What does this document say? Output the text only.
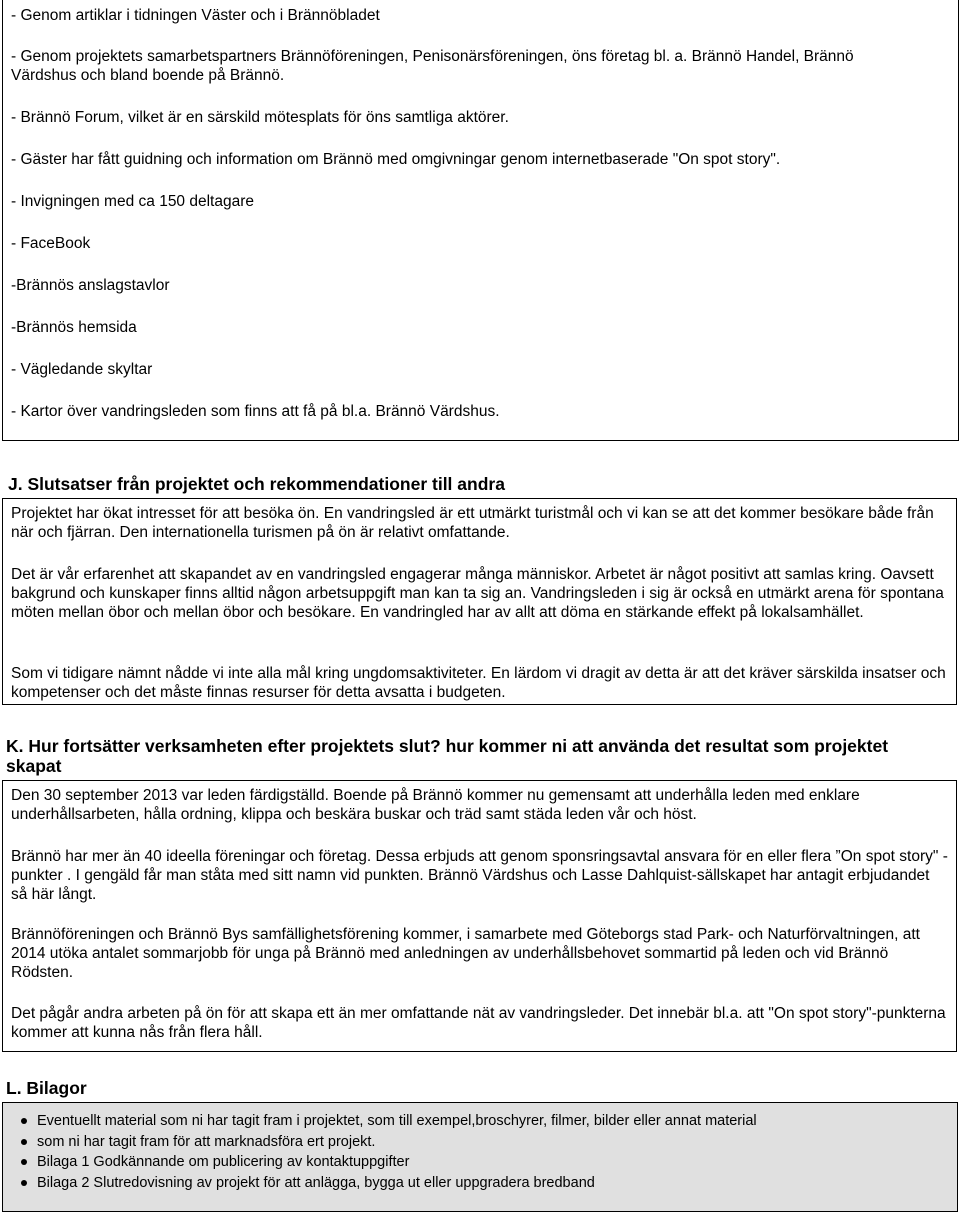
- Genom artiklar i tidningen Väster och i Brännöbladet
- Genom projektets samarbetspartners Brännöföreningen, Penisonärsföreningen, öns företag bl. a. Brännö Handel, Brännö
Värdshus och bland boende på Brännö.
- Brännö Forum, vilket är en särskild mötesplats för öns samtliga aktörer.
- Gäster har fått guidning och information om Brännö med omgivningar genom internetbaserade "On spot story".
- Invigningen med ca 150 deltagare
- FaceBook
-Brännös anslagstavlor
-Brännös hemsida
- Vägledande skyltar
- Kartor över vandringsleden som finns att få på bl.a. Brännö Värdshus.
J. Slutsatser från projektet och rekommendationer till andra
Projektet har ökat intresset för att besöka ön. En vandringsled är ett utmärkt turistmål och vi kan se att det kommer besökare både från när och fjärran. Den internationella turismen på ön är relativt omfattande.
Det är vår erfarenhet att skapandet av en vandringsled engagerar många människor. Arbetet är något positivt att samlas kring. Oavsett bakgrund och kunskaper finns alltid någon arbetsuppgift man kan ta sig an. Vandringsleden i sig är också en utmärkt arena för spontana möten mellan öbor och mellan öbor och besökare. En vandringled har av allt att döma en stärkande effekt på lokalsamhället.
Som vi tidigare nämnt nådde vi inte alla mål kring ungdomsaktiviteter. En lärdom vi dragit av detta är att det kräver särskilda insatser och kompetenser och det måste finnas resurser för detta avsatta i budgeten.
K. Hur fortsätter verksamheten efter projektets slut? hur kommer ni att använda det resultat som projektet skapat
Den 30 september 2013 var leden färdigställd. Boende på Brännö kommer nu gemensamt att underhålla leden med enklare underhållsarbeten, hålla ordning, klippa och beskära buskar och träd samt städa leden vår och höst.
Brännö har mer än 40 ideella föreningar och företag. Dessa erbjuds att genom sponsringsavtal ansvara för en eller flera ”On spot story" - punkter . I gengäld får man ståta med sitt namn vid punkten. Brännö Värdshus och Lasse Dahlquist-sällskapet har antagit erbjudandet så här långt.
Brännöföreningen och Brännö Bys samfällighetsförening kommer, i samarbete med Göteborgs stad Park- och Naturförvaltningen, att 2014 utöka antalet sommarjobb för unga på Brännö med anledningen av underhållsbehovet sommartid på leden och vid Brännö Rödsten.
Det pågår andra arbeten på ön för att skapa ett än mer omfattande nät av vandringsleder. Det innebär bl.a. att "On spot story"-punkterna kommer att kunna nås från flera håll.
L. Bilagor
Eventuellt material som ni har tagit fram i projektet, som till exempel,broschyrer, filmer, bilder eller annat material
som ni har tagit fram för att marknadsföra ert projekt.
Bilaga 1 Godkännande om publicering av kontaktuppgifter
Bilaga 2 Slutredovisning av projekt för att anlägga, bygga ut eller uppgradera bredband
